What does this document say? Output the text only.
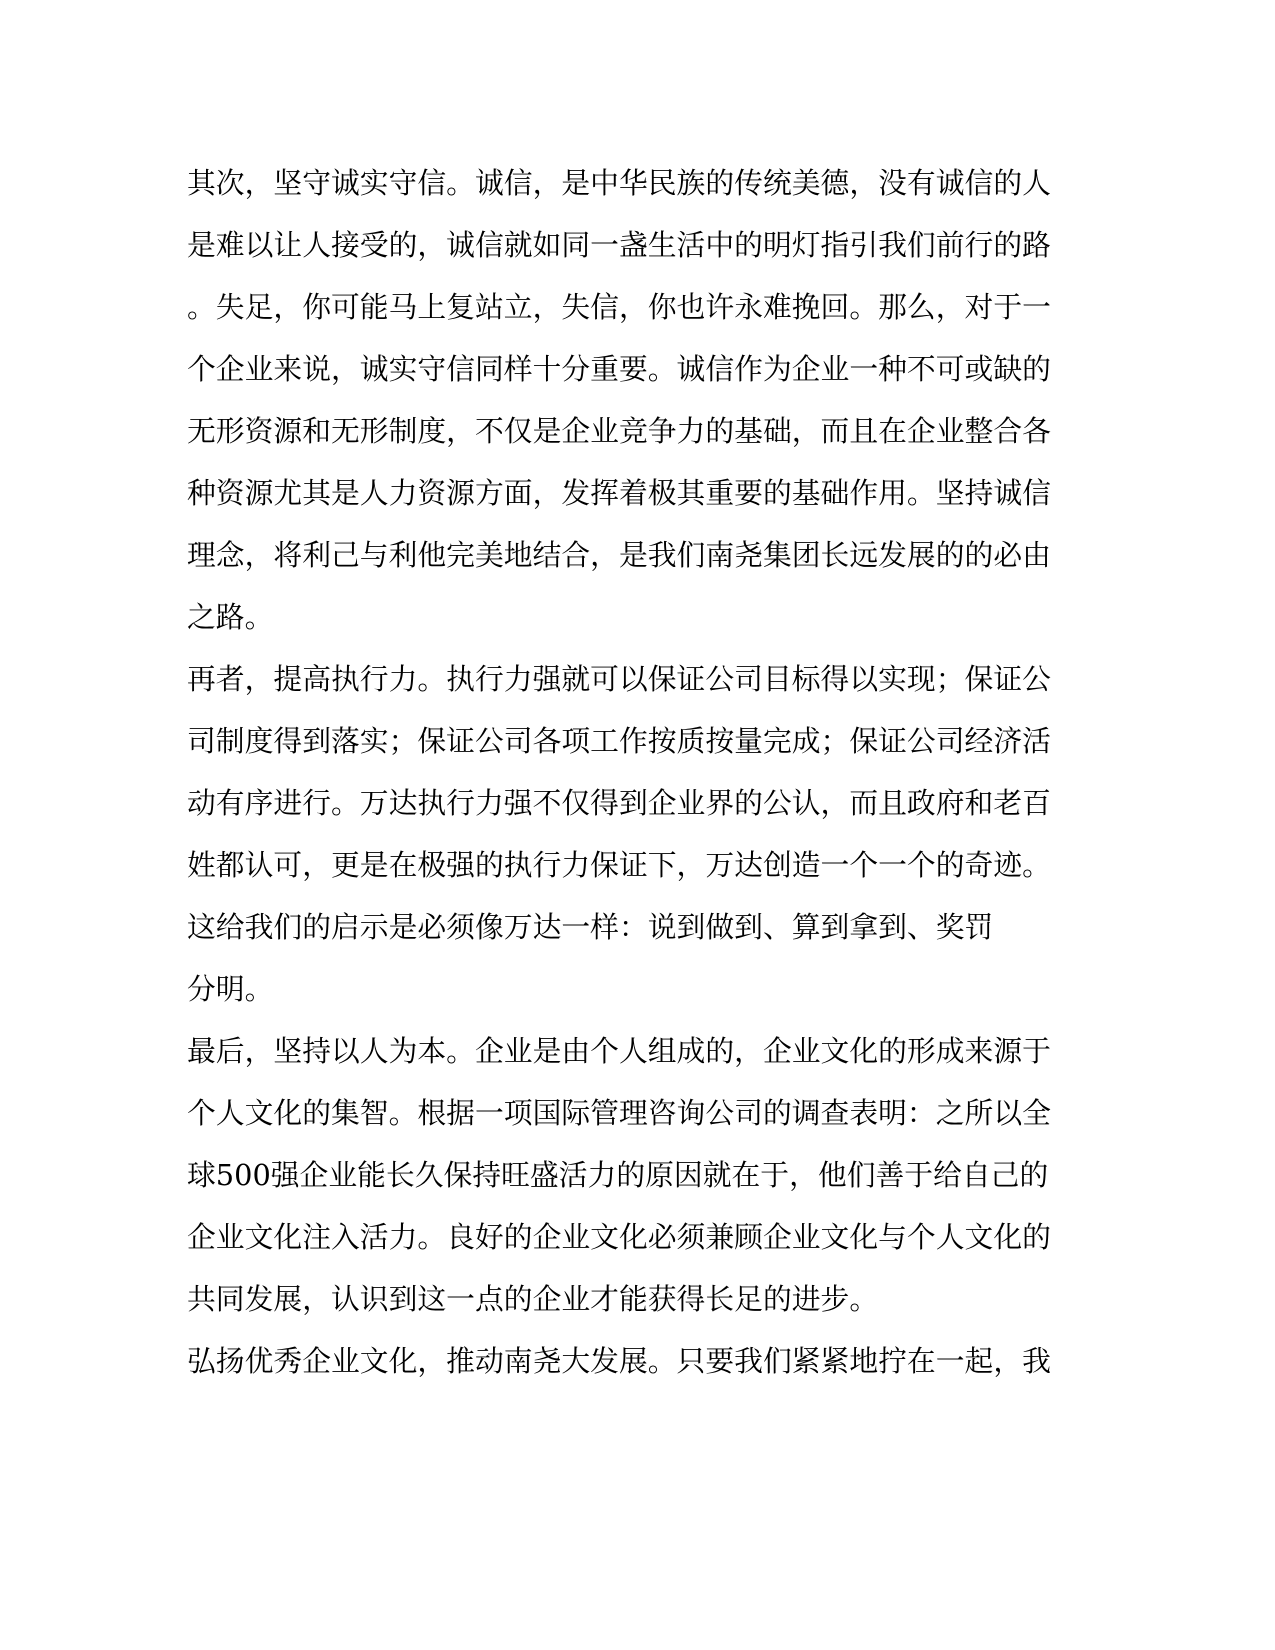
其次，坚守诚实守信。诚信，是中华民族的传统美德，没有诚信的人

是难以让人接受的，诚信就如同一盏生活中的明灯指引我们前行的路

。失足，你可能马上复站立，失信，你也许永难挽回。那么，对于一

个企业来说，诚实守信同样十分重要。诚信作为企业一种不可或缺的

无形资源和无形制度，不仅是企业竞争力的基础，而且在企业整合各

种资源尤其是人力资源方面，发挥着极其重要的基础作用。坚持诚信

理念，将利己与利他完美地结合，是我们南尧集团长远发展的的必由

之路。

再者，提高执行力。执行力强就可以保证公司目标得以实现；保证公

司制度得到落实；保证公司各项工作按质按量完成；保证公司经济活

动有序进行。万达执行力强不仅得到企业界的公认，而且政府和老百

姓都认可，更是在极强的执行力保证下，万达创造一个一个的奇迹。

这给我们的启示是必须像万达一样：说到做到、算到拿到、奖罚

分明。

最后，坚持以人为本。企业是由个人组成的，企业文化的形成来源于

个人文化的集智。根据一项国际管理咨询公司的调查表明：之所以全

球500强企业能长久保持旺盛活力的原因就在于，他们善于给自己的

企业文化注入活力。良好的企业文化必须兼顾企业文化与个人文化的

共同发展，认识到这一点的企业才能获得长足的进步。

弘扬优秀企业文化，推动南尧大发展。只要我们紧紧地拧在一起，我
